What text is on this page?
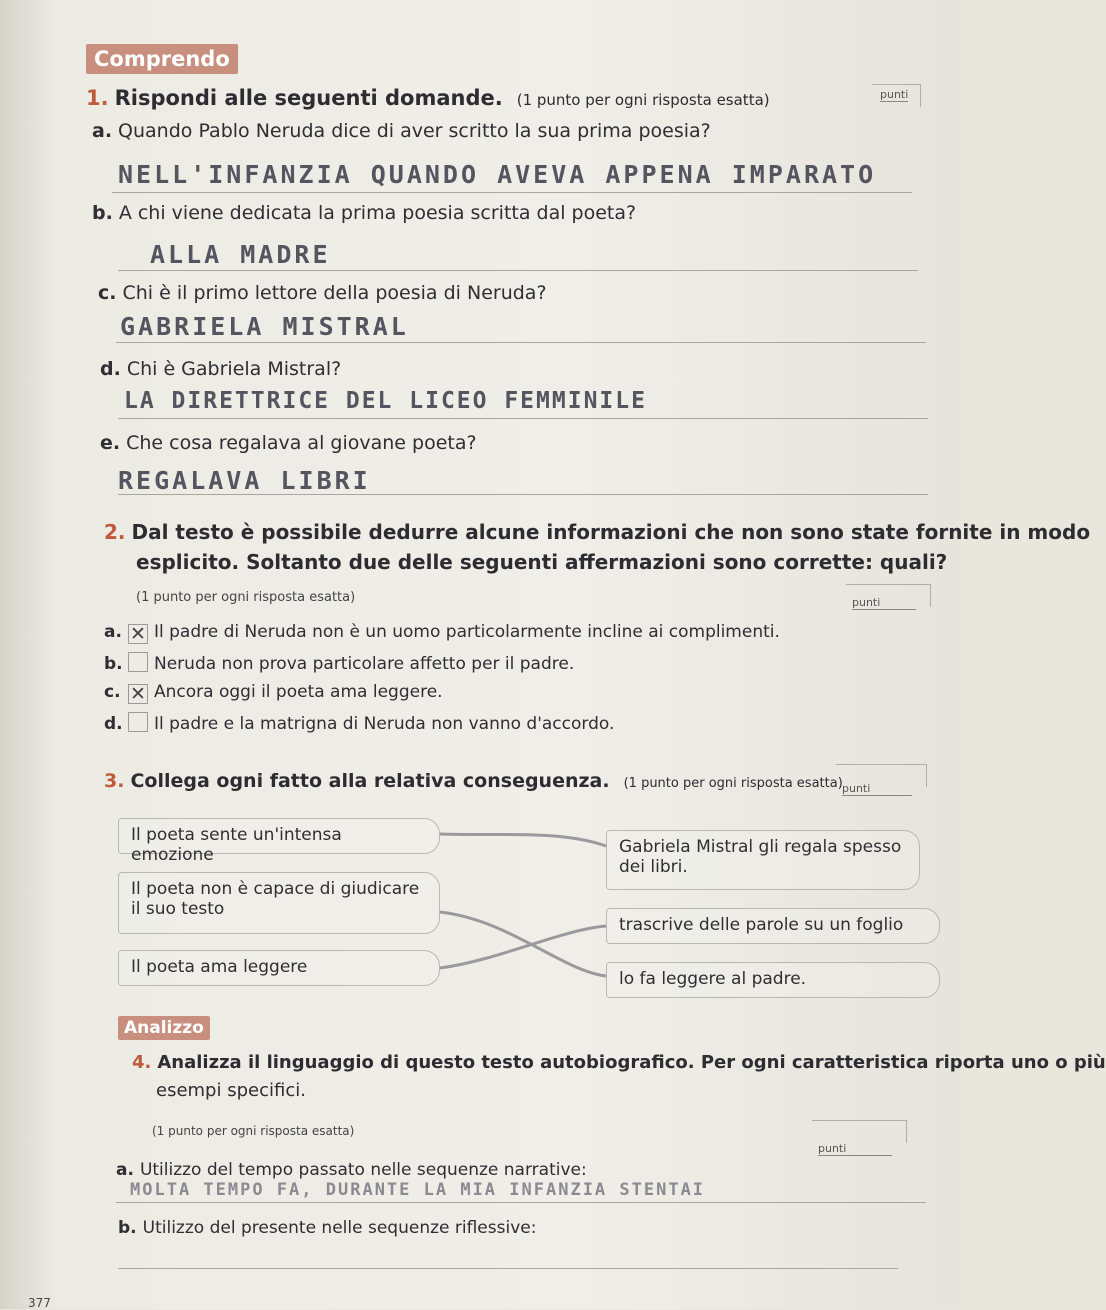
Comprendo
1. Rispondi alle seguenti domande. (1 punto per ogni risposta esatta)	punti
a. Quando Pablo Neruda dice di aver scritto la sua prima poesia?
NELL'INFANZIA QUANDO AVEVA APPENA IMPARATO
b. A chi viene dedicata la prima poesia scritta dal poeta?
ALLA MADRE
c. Chi è il primo lettore della poesia di Neruda?
GABRIELA MISTRAL
d. Chi è Gabriela Mistral?
LA DIRETTRICE DEL LICEO FEMMINILE
e. Che cosa regalava al giovane poeta?
REGALAVA LIBRI
2. Dal testo è possibile dedurre alcune informazioni che non sono state fornite in modo
esplicito. Soltanto due delle seguenti affermazioni sono corrette: quali?
(1 punto per ogni risposta esatta)	punti
a. ✕ Il padre di Neruda non è un uomo particolarmente incline ai complimenti.
b. Neruda non prova particolare affetto per il padre.
c. ✕ Ancora oggi il poeta ama leggere.
d. Il padre e la matrigna di Neruda non vanno d'accordo.
3. Collega ogni fatto alla relativa conseguenza. (1 punto per ogni risposta esatta) punti
Il poeta sente un'intensa emozione
Il poeta non è capace di giudicare il suo testo
Il poeta ama leggere
Gabriela Mistral gli regala spesso dei libri.
trascrive delle parole su un foglio
lo fa leggere al padre.
Analizzo
4. Analizza il linguaggio di questo testo autobiografico. Per ogni caratteristica riporta uno o più
esempi specifici.
(1 punto per ogni risposta esatta)
punti
a. Utilizzo del tempo passato nelle sequenze narrative:
MOLTA TEMPO FA, DURANTE LA MIA INFANZIA STENTAI
b. Utilizzo del presente nelle sequenze riflessive:
377
